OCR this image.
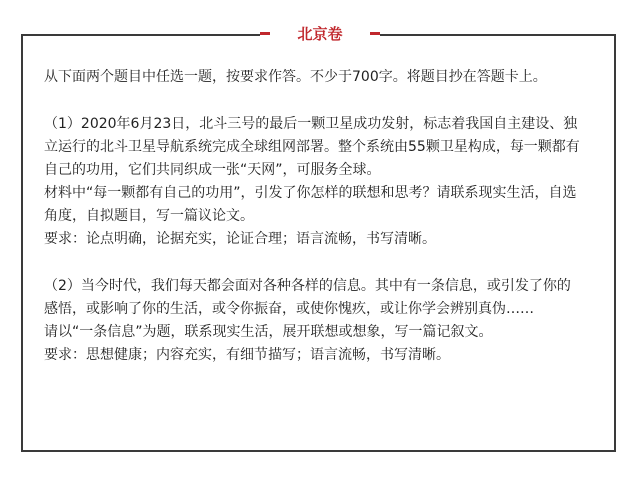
北京卷

从下面两个题目中任选一题，按要求作答。不少于700字。将题目抄在答题卡上。

（1）2020年6月23日，北斗三号的最后一颗卫星成功发射，标志着我国自主建设、独

立运行的北斗卫星导航系统完成全球组网部署。整个系统由55颗卫星构成，每一颗都有

自己的功用，它们共同织成一张“天网”，可服务全球。

材料中“每一颗都有自己的功用”，引发了你怎样的联想和思考？请联系现实生活，自选

角度，自拟题目，写一篇议论文。

要求：论点明确，论据充实，论证合理；语言流畅，书写清晰。

（2）当今时代，我们每天都会面对各种各样的信息。其中有一条信息，或引发了你的

感悟，或影响了你的生活，或令你振奋，或使你愧疚，或让你学会辨别真伪……

请以“一条信息”为题，联系现实生活，展开联想或想象，写一篇记叙文。

要求：思想健康；内容充实，有细节描写；语言流畅，书写清晰。
